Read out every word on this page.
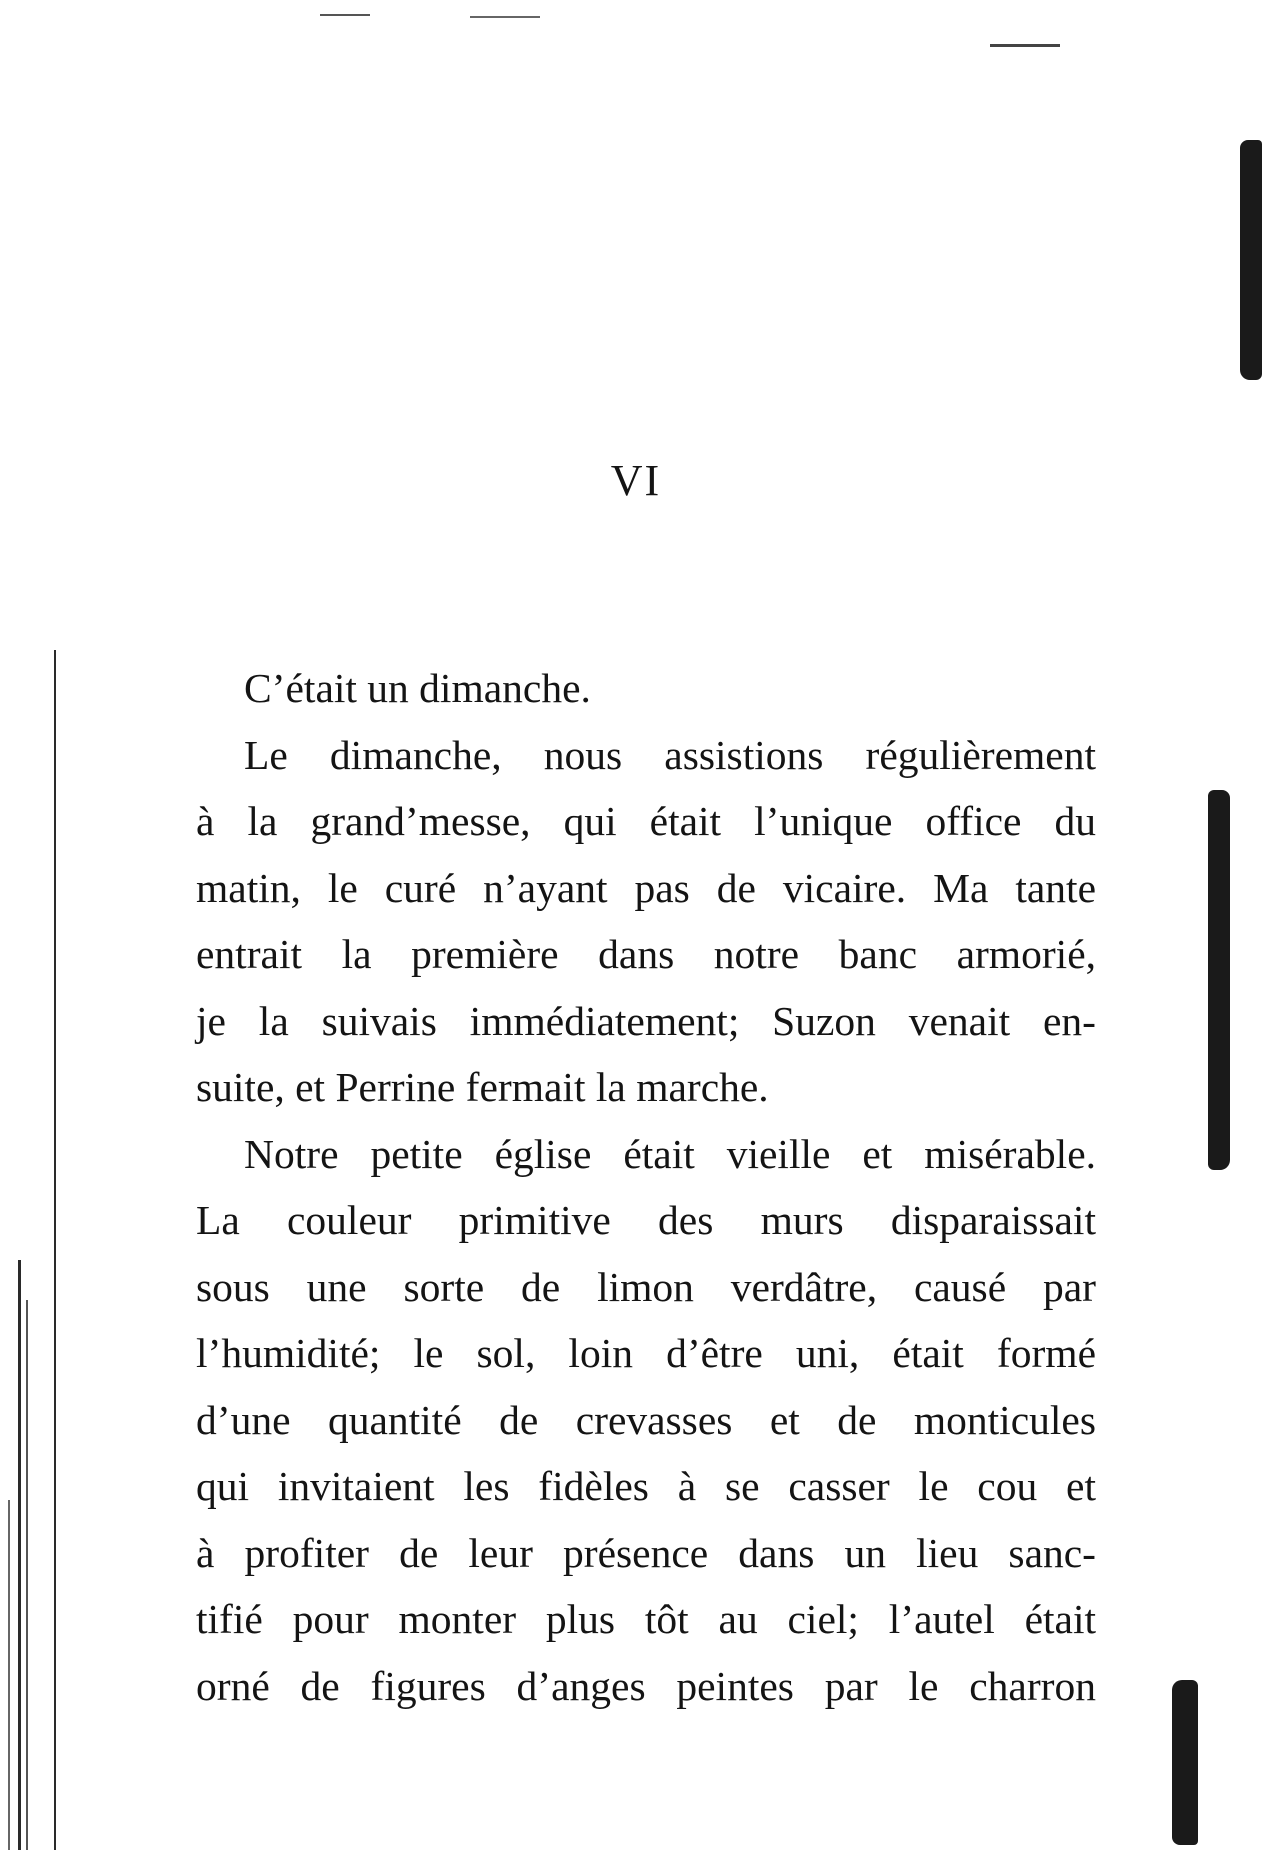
VI
C’était un dimanche.
Le dimanche, nous assistions régulièrement
à la grand’messe, qui était l’unique office du
matin, le curé n’ayant pas de vicaire. Ma tante
entrait la première dans notre banc armorié,
je la suivais immédiatement; Suzon venait en-
suite, et Perrine fermait la marche.
Notre petite église était vieille et misérable.
La couleur primitive des murs disparaissait
sous une sorte de limon verdâtre, causé par
l’humidité; le sol, loin d’être uni, était formé
d’une quantité de crevasses et de monticules
qui invitaient les fidèles à se casser le cou et
à profiter de leur présence dans un lieu sanc-
tifié pour monter plus tôt au ciel; l’autel était
orné de figures d’anges peintes par le charron
